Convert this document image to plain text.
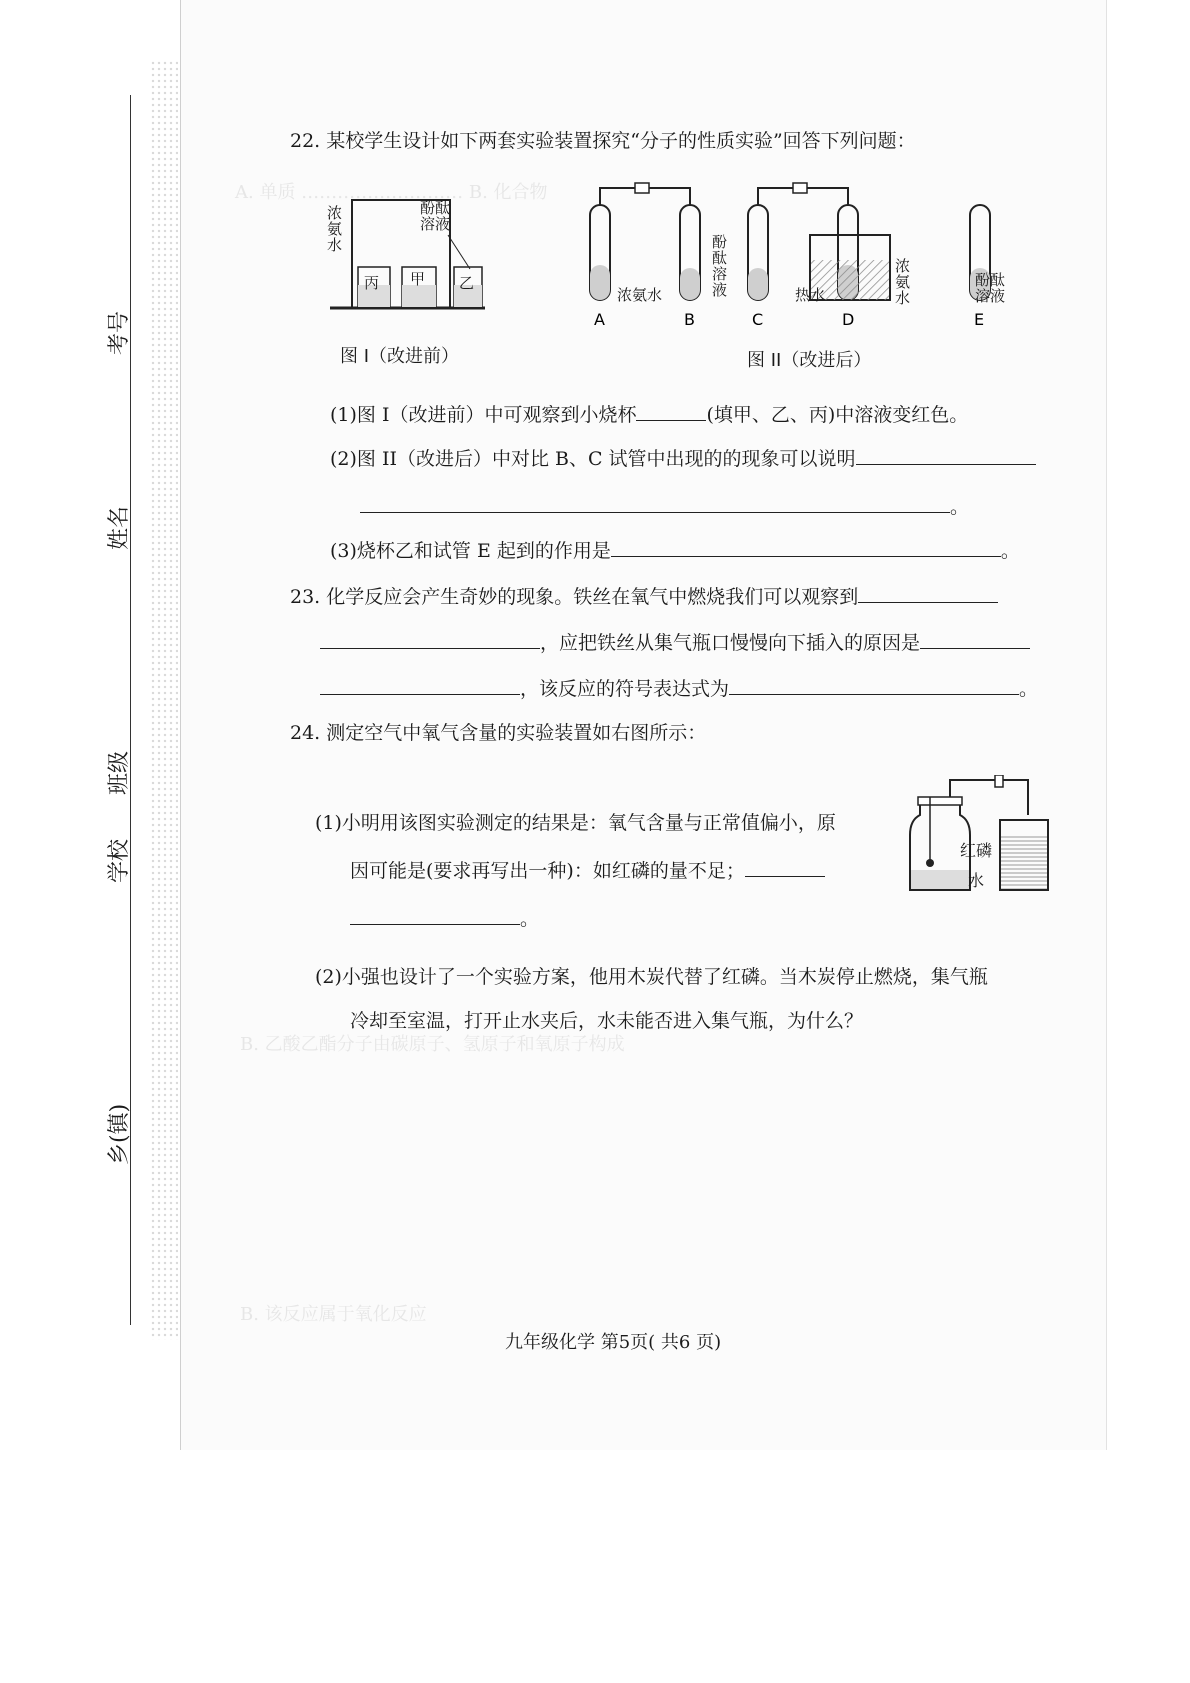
考号
姓名
班级
学校
乡(镇)
A. 单质 ……………………… B. 化合物
B. 乙酸乙酯分子由碳原子、氢原子和氧原子构成
B. 该反应属于氧化反应
22. 某校学生设计如下两套实验装置探究“分子的性质实验”回答下列问题：
浓氨水
酚酞溶液
丙 甲 乙
图 I（改进前）
A	B	C	D	E
浓氨水
酚酞溶液	热水
浓氨水
酚酞溶液
图 II（改进后）
(1)图 I（改进前）中可观察到小烧杯	(填甲、乙、丙)中溶液变红色。
(2)图 II（改进后）中对比 B、C 试管中出现的的现象可以说明
。
(3)烧杯乙和试管 E 起到的作用是	。
23. 化学反应会产生奇妙的现象。铁丝在氧气中燃烧我们可以观察到
，应把铁丝从集气瓶口慢慢向下插入的原因是
，该反应的符号表达式为	。
24. 测定空气中氧气含量的实验装置如右图所示：
红磷
水
(1)小明用该图实验测定的结果是：氧气含量与正常值偏小，原
因可能是(要求再写出一种)：如红磷的量不足；
。
(2)小强也设计了一个实验方案，他用木炭代替了红磷。当木炭停止燃烧，集气瓶
冷却至室温，打开止水夹后，水未能否进入集气瓶，为什么？
九年级化学 第5页( 共6 页)
